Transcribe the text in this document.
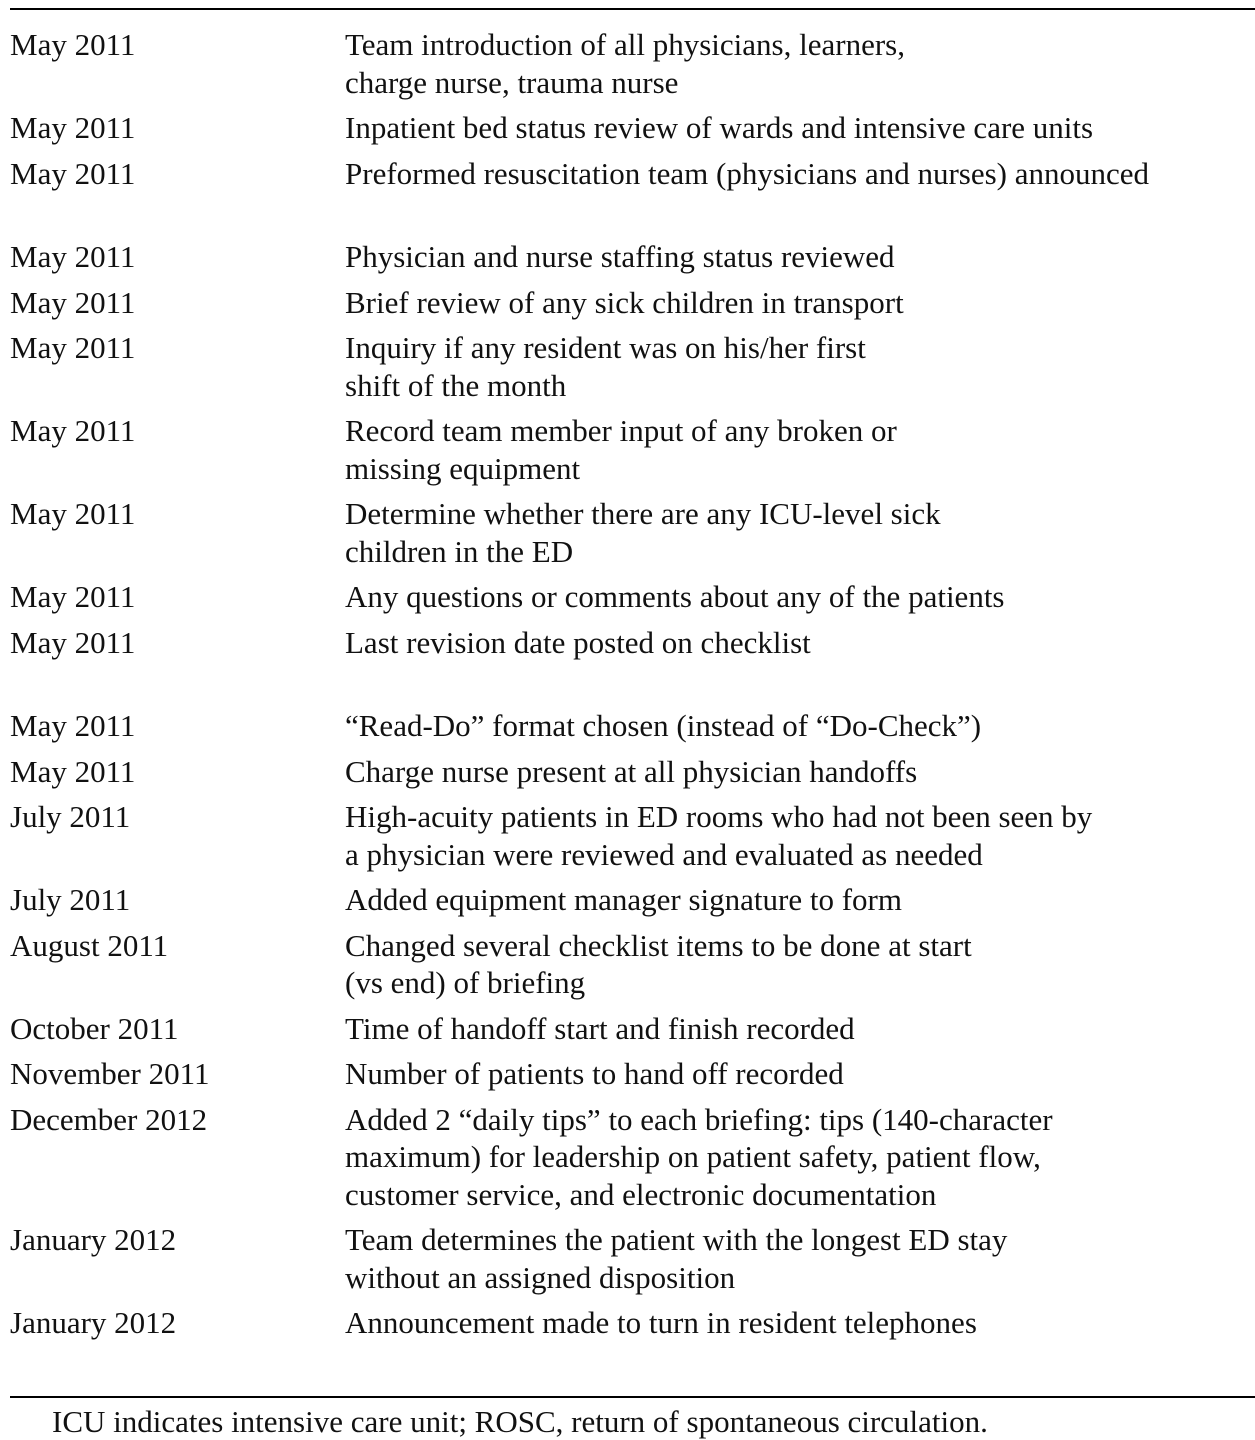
May 2011	Team introduction of all physicians, learners,
charge nurse, trauma nurse
May 2011	Inpatient bed status review of wards and intensive care units
May 2011	Preformed resuscitation team (physicians and nurses) announced
May 2011	Physician and nurse staffing status reviewed
May 2011	Brief review of any sick children in transport
May 2011	Inquiry if any resident was on his/her first
shift of the month
May 2011	Record team member input of any broken or
missing equipment
May 2011	Determine whether there are any ICU-level sick
children in the ED
May 2011	Any questions or comments about any of the patients
May 2011	Last revision date posted on checklist
May 2011	“Read-Do” format chosen (instead of “Do-Check”)
May 2011	Charge nurse present at all physician handoffs
July 2011	High-acuity patients in ED rooms who had not been seen by
a physician were reviewed and evaluated as needed
July 2011	Added equipment manager signature to form
August 2011	Changed several checklist items to be done at start
(vs end) of briefing
October 2011	Time of handoff start and finish recorded
November 2011	Number of patients to hand off recorded
December 2012	Added 2 “daily tips” to each briefing: tips (140-character
maximum) for leadership on patient safety, patient flow,
customer service, and electronic documentation
January 2012	Team determines the patient with the longest ED stay
without an assigned disposition
January 2012	Announcement made to turn in resident telephones
ICU indicates intensive care unit; ROSC, return of spontaneous circulation.
